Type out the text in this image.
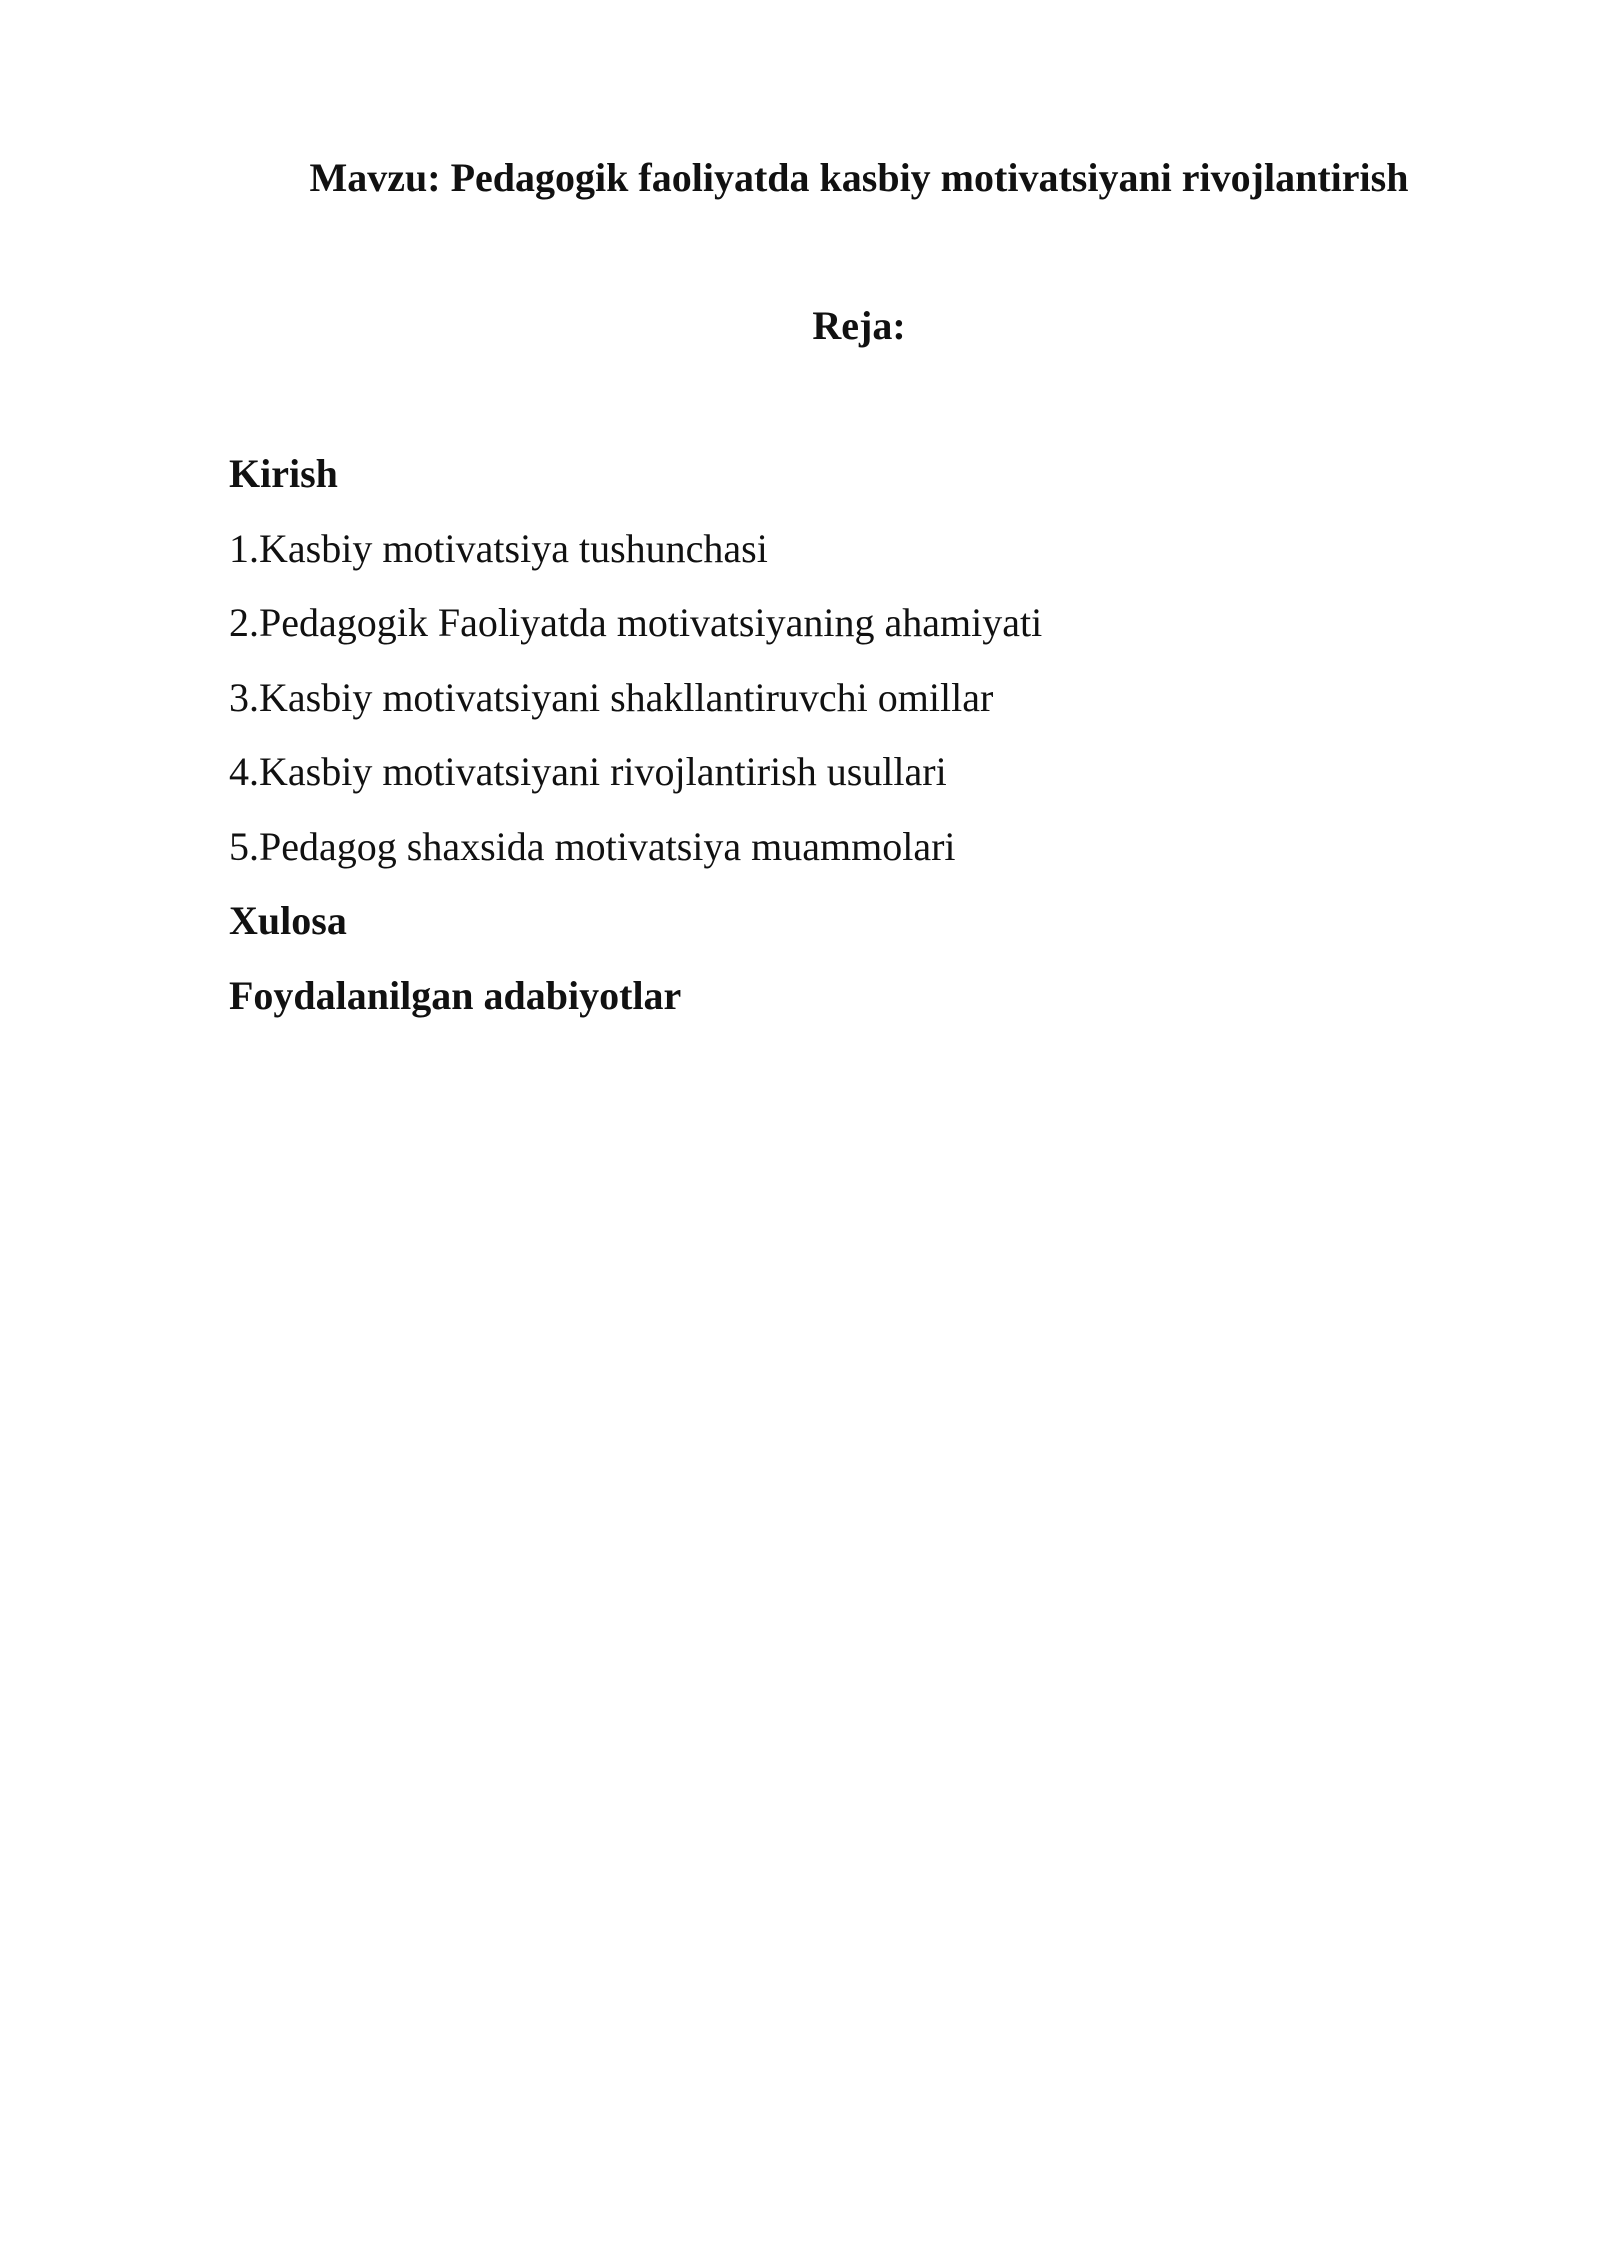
Mavzu: Pedagogik faoliyatda kasbiy motivatsiyani rivojlantirish
Reja:
Kirish
1.Kasbiy motivatsiya tushunchasi
2.Pedagogik Faoliyatda motivatsiyaning ahamiyati
3.Kasbiy motivatsiyani shakllantiruvchi omillar
4.Kasbiy motivatsiyani rivojlantirish usullari
5.Pedagog shaxsida motivatsiya muammolari
Xulosa
Foydalanilgan adabiyotlar
